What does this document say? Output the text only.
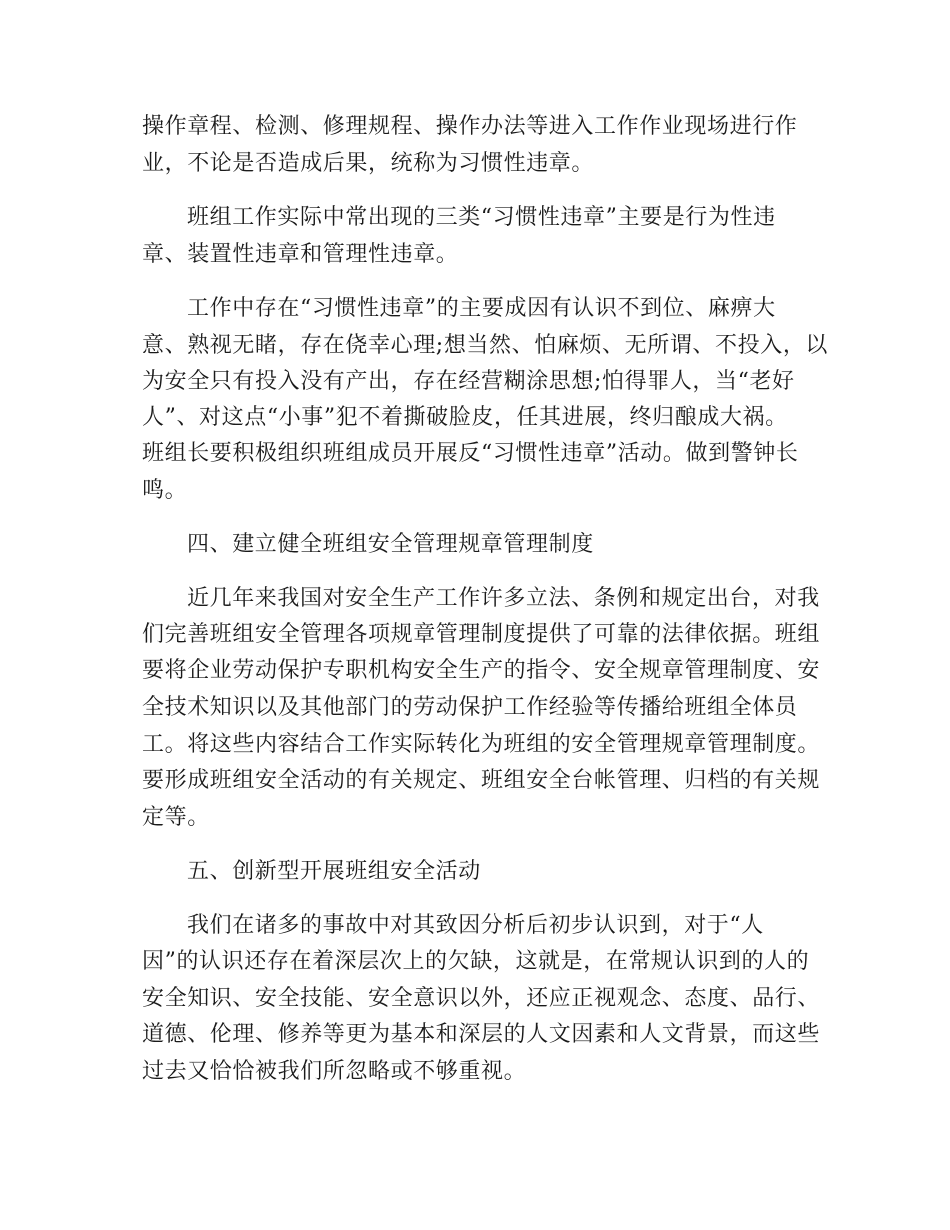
操作章程、检测、修理规程、操作办法等进入工作作业现场进行作
业，不论是否造成后果，统称为习惯性违章。
班组工作实际中常出现的三类“习惯性违章”主要是行为性违
章、装置性违章和管理性违章。
工作中存在“习惯性违章”的主要成因有认识不到位、麻痹大
意、熟视无睹，存在侥幸心理;想当然、怕麻烦、无所谓、不投入，以
为安全只有投入没有产出，存在经营糊涂思想;怕得罪人，当“老好
人”、对这点“小事”犯不着撕破脸皮，任其进展，终归酿成大祸。
班组长要积极组织班组成员开展反“习惯性违章”活动。做到警钟长
鸣。
四、建立健全班组安全管理规章管理制度
近几年来我国对安全生产工作许多立法、条例和规定出台，对我
们完善班组安全管理各项规章管理制度提供了可靠的法律依据。班组
要将企业劳动保护专职机构安全生产的指令、安全规章管理制度、安
全技术知识以及其他部门的劳动保护工作经验等传播给班组全体员
工。将这些内容结合工作实际转化为班组的安全管理规章管理制度。
要形成班组安全活动的有关规定、班组安全台帐管理、归档的有关规
定等。
五、创新型开展班组安全活动
我们在诸多的事故中对其致因分析后初步认识到，对于“人
因”的认识还存在着深层次上的欠缺，这就是，在常规认识到的人的
安全知识、安全技能、安全意识以外，还应正视观念、态度、品行、
道德、伦理、修养等更为基本和深层的人文因素和人文背景，而这些
过去又恰恰被我们所忽略或不够重视。
